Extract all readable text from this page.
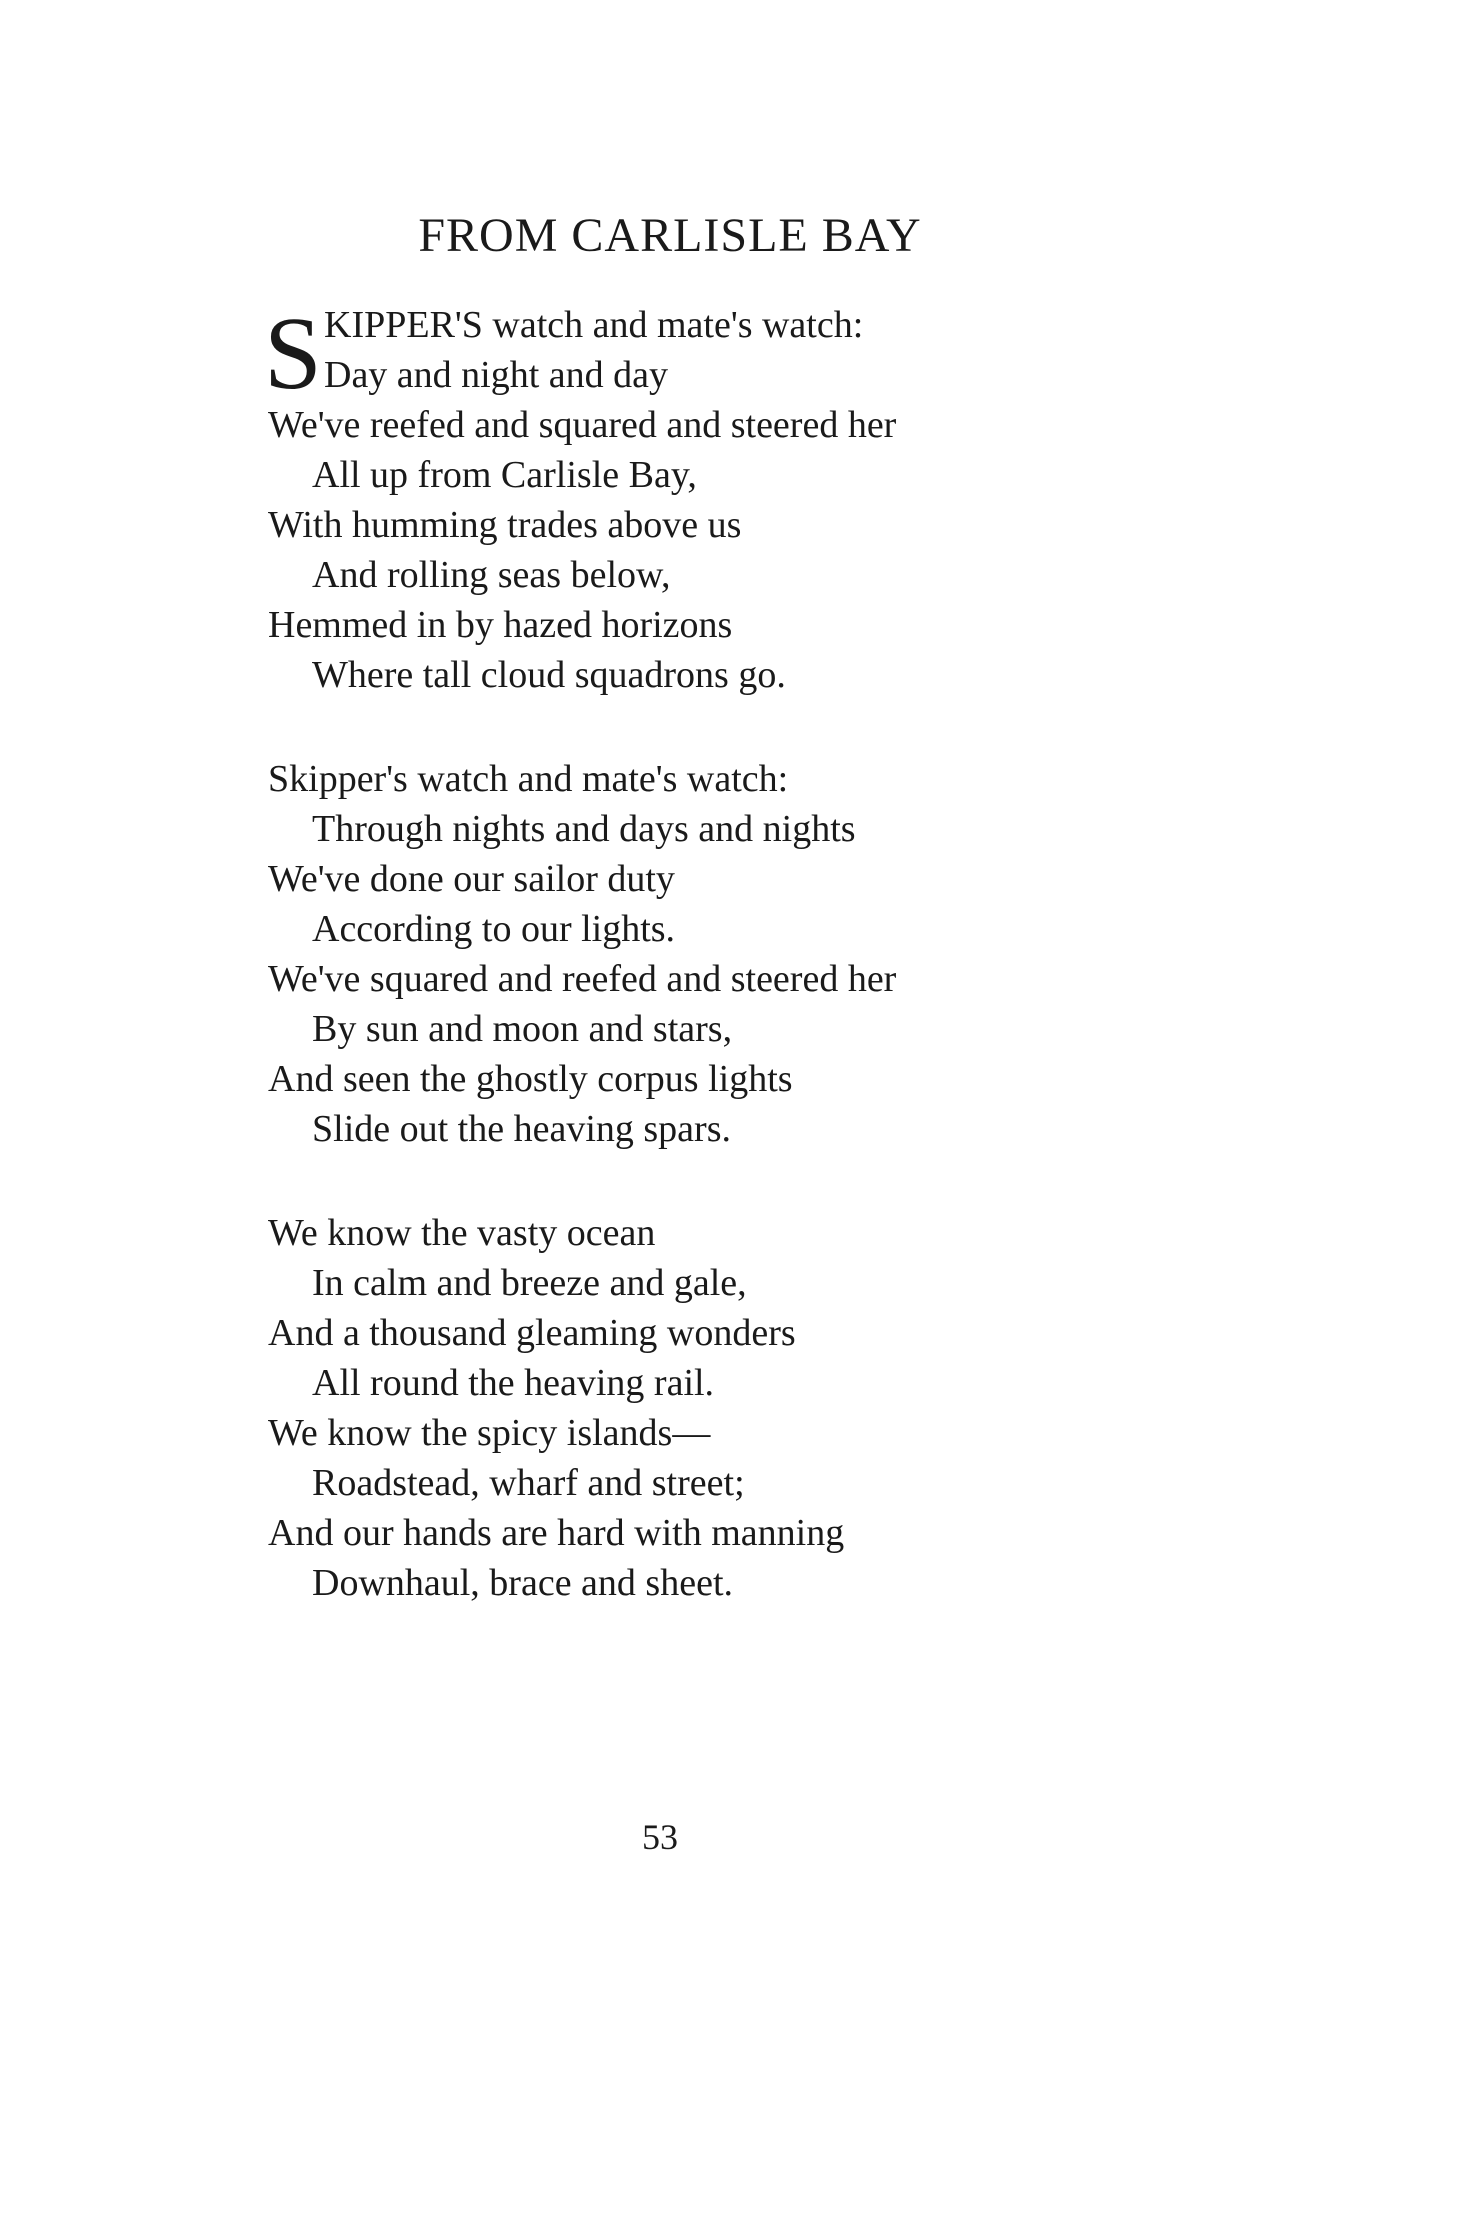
FROM CARLISLE BAY
S KIPPER'S watch and mate's watch:
Day and night and day
We've reefed and squared and steered her
All up from Carlisle Bay,
With humming trades above us
And rolling seas below,
Hemmed in by hazed horizons
Where tall cloud squadrons go.
Skipper's watch and mate's watch:
Through nights and days and nights
We've done our sailor duty
According to our lights.
We've squared and reefed and steered her
By sun and moon and stars,
And seen the ghostly corpus lights
Slide out the heaving spars.
We know the vasty ocean
In calm and breeze and gale,
And a thousand gleaming wonders
All round the heaving rail.
We know the spicy islands—
Roadstead, wharf and street;
And our hands are hard with manning
Downhaul, brace and sheet.
53
